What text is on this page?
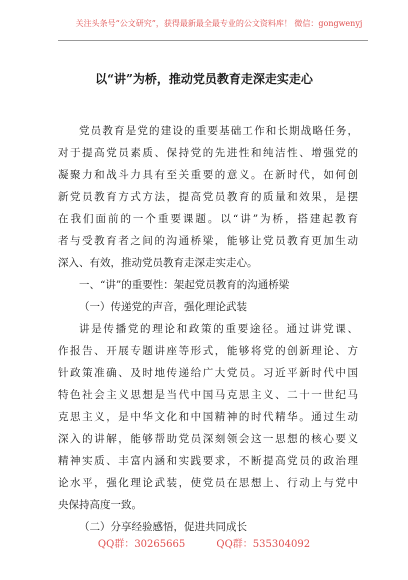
关注头条号“公文研究”，获得最新最全最专业的公文资料库！ 微信：gongwenyj
以“讲”为桥，推动党员教育走深走实走心
党员教育是党的建设的重要基础工作和长期战略任务，
对于提高党员素质、保持党的先进性和纯洁性、增强党的
凝聚力和战斗力具有至关重要的意义。在新时代，如何创
新党员教育方式方法，提高党员教育的质量和效果，是摆
在我们面前的一个重要课题。以“讲”为桥，搭建起教育
者与受教育者之间的沟通桥梁，能够让党员教育更加生动
深入、有效，推动党员教育走深走实走心。
一、“讲”的重要性：架起党员教育的沟通桥梁
（一）传递党的声音，强化理论武装
讲是传播党的理论和政策的重要途径。通过讲党课、
作报告、开展专题讲座等形式，能够将党的创新理论、方
针政策准确、及时地传递给广大党员。习近平新时代中国
特色社会主义思想是当代中国马克思主义、二十一世纪马
克思主义，是中华文化和中国精神的时代精华。通过生动
深入的讲解，能够帮助党员深刻领会这一思想的核心要义
精神实质、丰富内涵和实践要求，不断提高党员的政治理
论水平，强化理论武装，使党员在思想上、行动上与党中
央保持高度一致。
（二）分享经验感悟，促进共同成长
QQ群：30265665	QQ群：535304092
